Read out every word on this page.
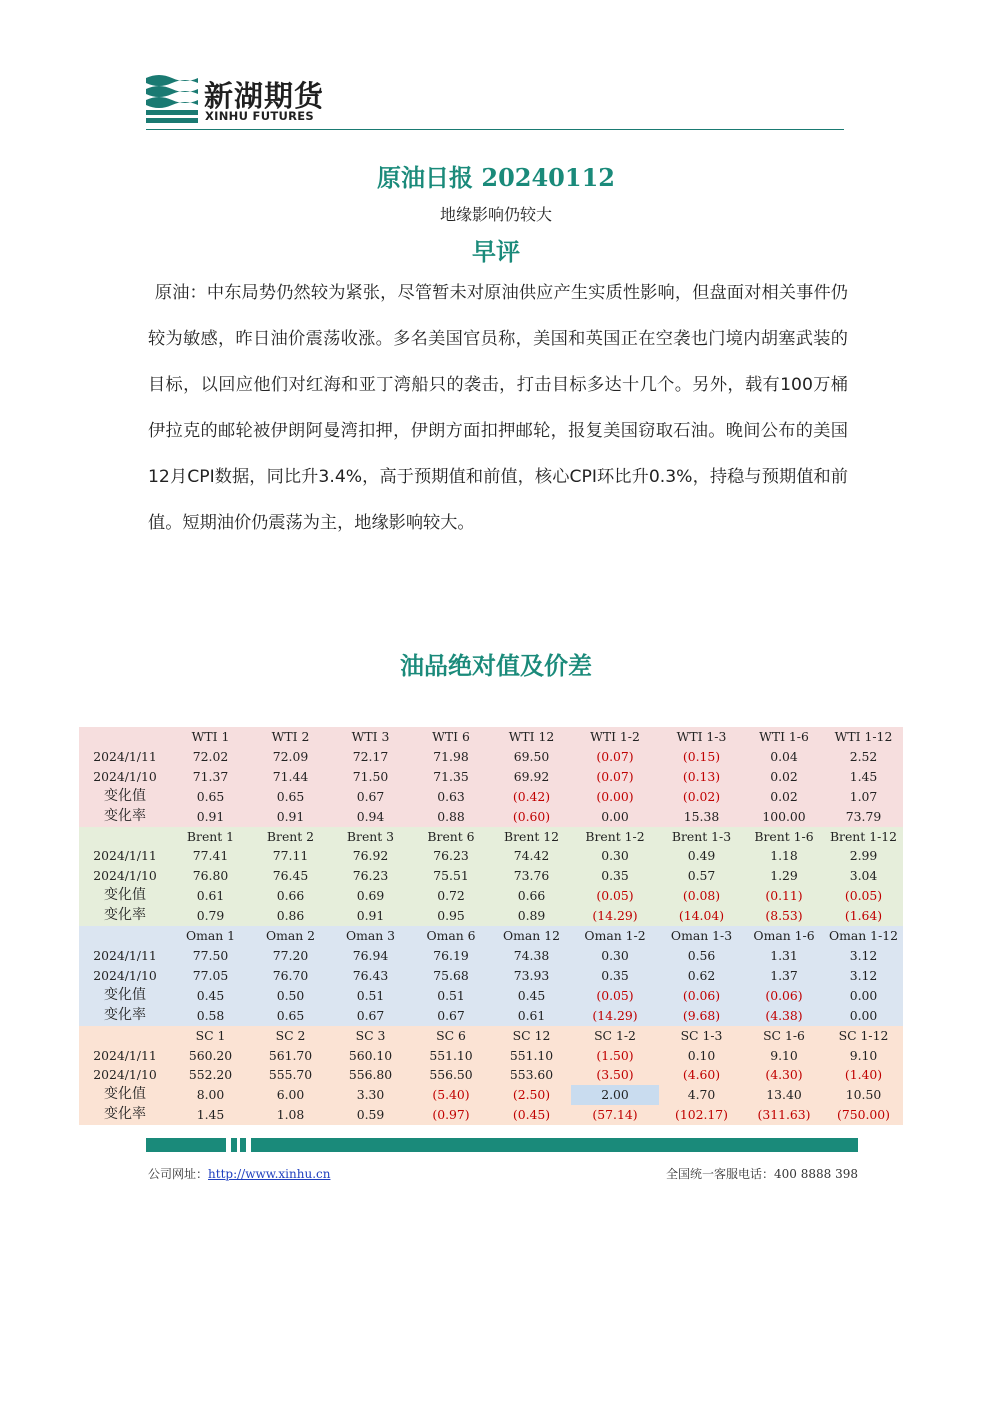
新湖期货
XINHU FUTURES
原油日报 20240112
地缘影响仍较大
早评

原油：中东局势仍然较为紧张，尽管暂未对原油供应产生实质性影响，但盘面对相关事件仍较为敏感，昨日油价震荡收涨。多名美国官员称，美国和英国正在空袭也门境内胡塞武装的目标，以回应他们对红海和亚丁湾船只的袭击，打击目标多达十几个。另外，载有100万桶伊拉克的邮轮被伊朗阿曼湾扣押，伊朗方面扣押邮轮，报复美国窃取石油。晚间公布的美国12月CPI数据，同比升3.4%，高于预期值和前值，核心CPI环比升0.3%，持稳与预期值和前值。短期油价仍震荡为主，地缘影响较大。

油品绝对值及价差
	WTI 1	WTI 2	WTI 3	WTI 6	WTI 12	WTI 1-2	WTI 1-3	WTI 1-6	WTI 1-12
2024/1/11	72.02	72.09	72.17	71.98	69.50	(0.07)	(0.15)	0.04	2.52
2024/1/10	71.37	71.44	71.50	71.35	69.92	(0.07)	(0.13)	0.02	1.45
变化值	0.65	0.65	0.67	0.63	(0.42)	(0.00)	(0.02)	0.02	1.07
变化率	0.91	0.91	0.94	0.88	(0.60)	0.00	15.38	100.00	73.79
	Brent 1	Brent 2	Brent 3	Brent 6	Brent 12	Brent 1-2	Brent 1-3	Brent 1-6	Brent 1-12
2024/1/11	77.41	77.11	76.92	76.23	74.42	0.30	0.49	1.18	2.99
2024/1/10	76.80	76.45	76.23	75.51	73.76	0.35	0.57	1.29	3.04
变化值	0.61	0.66	0.69	0.72	0.66	(0.05)	(0.08)	(0.11)	(0.05)
变化率	0.79	0.86	0.91	0.95	0.89	(14.29)	(14.04)	(8.53)	(1.64)
	Oman 1	Oman 2	Oman 3	Oman 6	Oman 12	Oman 1-2	Oman 1-3	Oman 1-6	Oman 1-12
2024/1/11	77.50	77.20	76.94	76.19	74.38	0.30	0.56	1.31	3.12
2024/1/10	77.05	76.70	76.43	75.68	73.93	0.35	0.62	1.37	3.12
变化值	0.45	0.50	0.51	0.51	0.45	(0.05)	(0.06)	(0.06)	0.00
变化率	0.58	0.65	0.67	0.67	0.61	(14.29)	(9.68)	(4.38)	0.00
	SC 1	SC 2	SC 3	SC 6	SC 12	SC 1-2	SC 1-3	SC 1-6	SC 1-12
2024/1/11	560.20	561.70	560.10	551.10	551.10	(1.50)	0.10	9.10	9.10
2024/1/10	552.20	555.70	556.80	556.50	553.60	(3.50)	(4.60)	(4.30)	(1.40)
变化值	8.00	6.00	3.30	(5.40)	(2.50)	2.00	4.70	13.40	10.50
变化率	1.45	1.08	0.59	(0.97)	(0.45)	(57.14)	(102.17)	(311.63)	(750.00)
公司网址：http://www.xinhu.cn	全国统一客服电话：400 8888 398
